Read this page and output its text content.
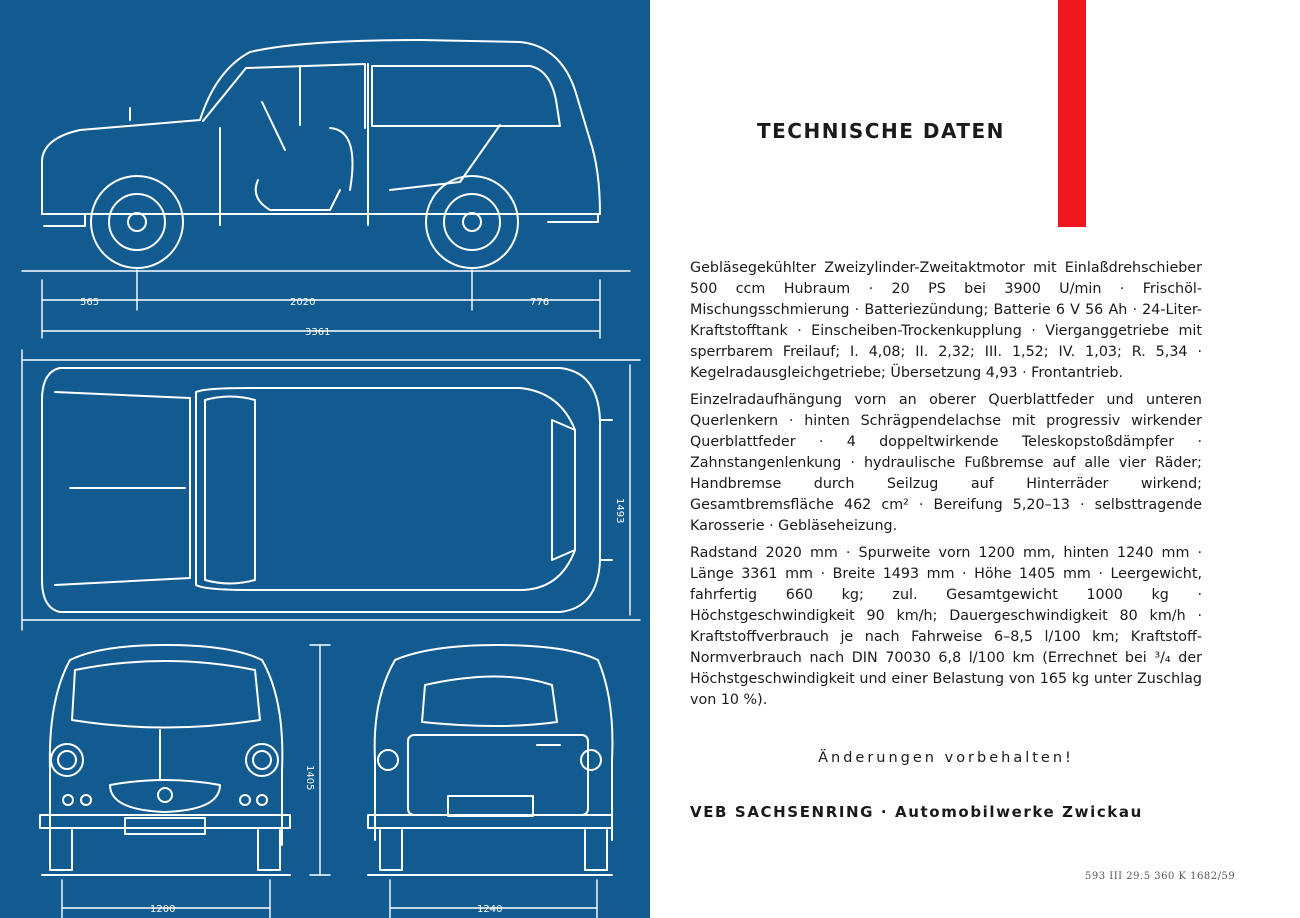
565	2020	776
3361
1493
1405
1200	1240
TECHNISCHE DATEN

Gebläsegekühlter Zweizylinder-Zweitaktmotor mit Einlaßdrehschieber 500 ccm Hubraum · 20 PS bei 3900 U/min · Frischöl-Mischungsschmierung · Batteriezündung; Batterie 6 V 56 Ah · 24-Liter-Kraftstofftank · Einscheiben-Trockenkupplung · Vierganggetriebe mit sperrbarem Freilauf; I. 4,08; II. 2,32; III. 1,52; IV. 1,03; R. 5,34 · Kegelradausgleichgetriebe; Übersetzung 4,93 · Frontantrieb.

Einzelradaufhängung vorn an oberer Querblattfeder und unteren Querlenkern · hinten Schrägpendelachse mit progressiv wirkender Querblattfeder · 4 doppeltwirkende Teleskopstoßdämpfer · Zahnstangenlenkung · hydraulische Fußbremse auf alle vier Räder; Handbremse durch Seilzug auf Hinterräder wirkend; Gesamtbremsfläche 462 cm² · Bereifung 5,20–13 · selbsttragende Karosserie · Gebläseheizung.

Radstand 2020 mm · Spurweite vorn 1200 mm, hinten 1240 mm · Länge 3361 mm · Breite 1493 mm · Höhe 1405 mm · Leergewicht, fahrfertig 660 kg; zul. Gesamtgewicht 1000 kg · Höchstgeschwindigkeit 90 km/h; Dauergeschwindigkeit 80 km/h · Kraftstoffverbrauch je nach Fahrweise 6–8,5 l/100 km; Kraftstoff-Normverbrauch nach DIN 70030 6,8 l/100 km (Errechnet bei ³/₄ der Höchstgeschwindigkeit und einer Belastung von 165 kg unter Zuschlag von 10 %).

Änderungen vorbehalten!
VEB SACHSENRING · Automobilwerke Zwickau
593 III 29.5 360 K 1682/59
